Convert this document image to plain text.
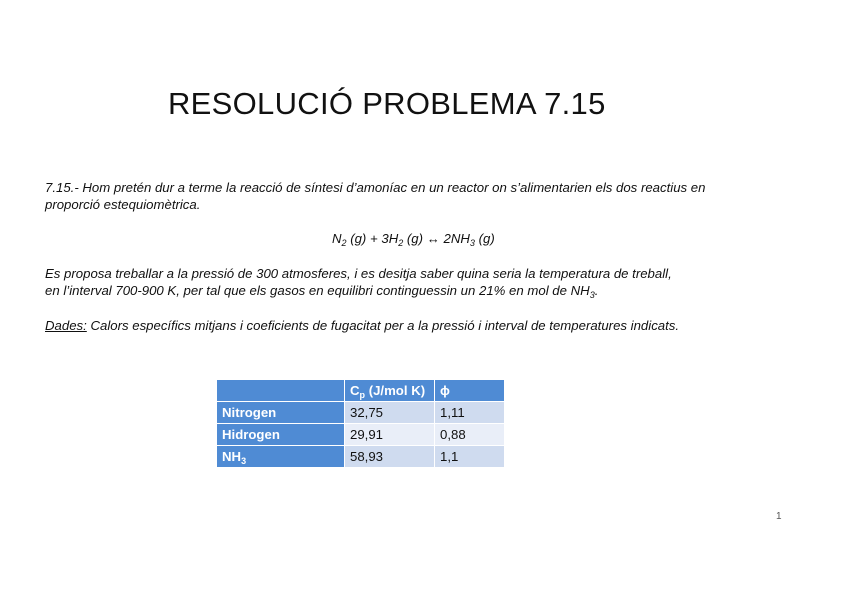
RESOLUCIÓ PROBLEMA 7.15
7.15.- Hom pretén dur a terme la reacció de síntesi d’amoníac en un reactor on s’alimentarien els dos reactius en
proporció estequiomètrica.
$N_2$ $(g) + 3H_2$ (g) ↔ $2NH_3$ (g)
Es proposa treballar a la pressió de 300 atmosferes, i es desitja saber quina seria la temperatura de treball,
en l’interval 700-900 K, per tal que els gasos en equilibri continguessin un 21% en mol de $NH_3$.
Dades: Calors específics mitjans i coeficients de fugacitat per a la pressió i interval de temperatures indicats.
	$C_p$ (J/mol K)	ϕ
Nitrogen	32,75	1,11
Hidrogen	29,91	0,88
$NH_3$	58,93	1,1
1
